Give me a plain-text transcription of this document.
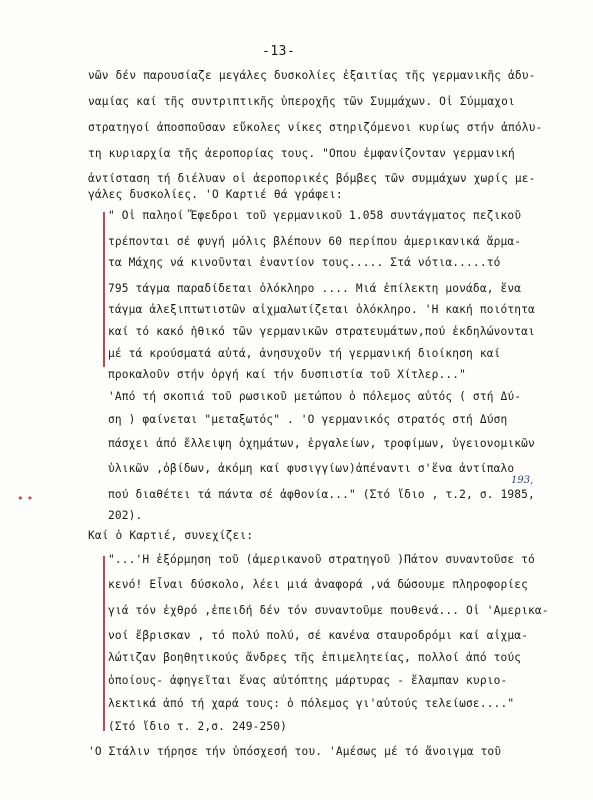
-13-
••
193,
νῶν δέν παρουσίαζε μεγάλες δυσκολίες ἐξαιτίας τῆς γερμανικῆς ἀδυ-
ναμίας καί τῆς συντριπτικῆς ὑπεροχῆς τῶν Συμμάχων. Οἱ Σύμμαχοι
στρατηγοί ἀποσποῦσαν εὔκολες νίκες στηριζόμενοι κυρίως στήν ἀπόλυ-
τη κυριαρχία τῆς ἀεροπορίας τους. "Οπου ἐμφανίζονταν γερμανική
ἀντίσταση τή διέλυαν οἱ ἀεροπορικές βόμβες τῶν συμμάχων χωρίς με-
γάλες δυσκολίες. 'Ο Καρτιέ θά γράφει:
" Οἱ παληοί Ἔφεδροι τοῦ γερμανικοῦ 1.058 συντάγματος πεζικοῦ
τρέπονται σέ φυγή μόλις βλέπουν 60 περίπου ἀμερικανικά ἅρμα-
τα Μάχης νά κινοῦνται ἐναντίον τους..... Στά νότια.....τό
795 τάγμα παραδίδεται ὁλόκληρο .... Μιά ἐπίλεκτη μονάδα, ἕνα
τάγμα ἀλεξιπτωτιστῶν αἰχμαλωτίζεται ὁλόκληρο. 'Η κακή ποιότητα
καί τό κακό ἠθικό τῶν γερμανικῶν στρατευμάτων,πού ἐκδηλώνονται
μέ τά κρούσματά αὐτά, ἀνησυχοῦν τή γερμανική διοίκηση καί
προκαλοῦν στήν ὀργή καί τήν δυσπιστία τοῦ Χίτλερ..."
'Από τή σκοπιά τοῦ ρωσικοῦ μετώπου ὁ πόλεμος αὐτός ( στή Δύ-
ση ) φαίνεται "μεταξωτός" . 'Ο γερμανικός στρατός στή Δύση
πάσχει ἀπό ἔλλειψη ὀχημάτων, ἐργαλείων, τροφίμων, ὑγειονομικῶν
ὑλικῶν ,ὀβίδων, ἀκόμη καί φυσιγγίων)ἀπέναντι σ'ἕνα ἀντίπαλο
πού διαθέτει τά πάντα σέ ἀφθονία..." (Στό ἴδιο , τ.2, σ. 1985,
202).
Καί ὁ Καρτιέ, συνεχίζει:
"...'Η ἐξόρμηση τοῦ (ἀμερικανοῦ στρατηγοῦ )Πάτον συναντοῦσε τό
κενό! Εἶναι δύσκολο, λέει μιά ἀναφορά ,νά δώσουμε πληροφορίες
γιά τόν ἐχθρό ,ἐπειδή δέν τόν συναντοῦμε πουθενά... Οἱ 'Αμερικα-
νοί ἔβρισκαν , τό πολύ πολύ, σέ κανένα σταυροδρόμι καί αἰχμα-
λώτιζαν βοηθητικούς ἄνδρες τῆς ἐπιμελητείας, πολλοί ἀπό τούς
ὁποίους- ἀφηγεῖται ἕνας αὐτόπτης μάρτυρας - ἔλαμπαν κυριο-
λεκτικά ἀπό τή χαρά τους: ὁ πόλεμος γι'αὐτούς τελείωσε...."
(Στό ἴδιο τ. 2,σ. 249-250)
'Ο Στάλιν τήρησε τήν ὑπόσχεσή του. 'Αμέσως μέ τό ἄνοιγμα τοῦ
